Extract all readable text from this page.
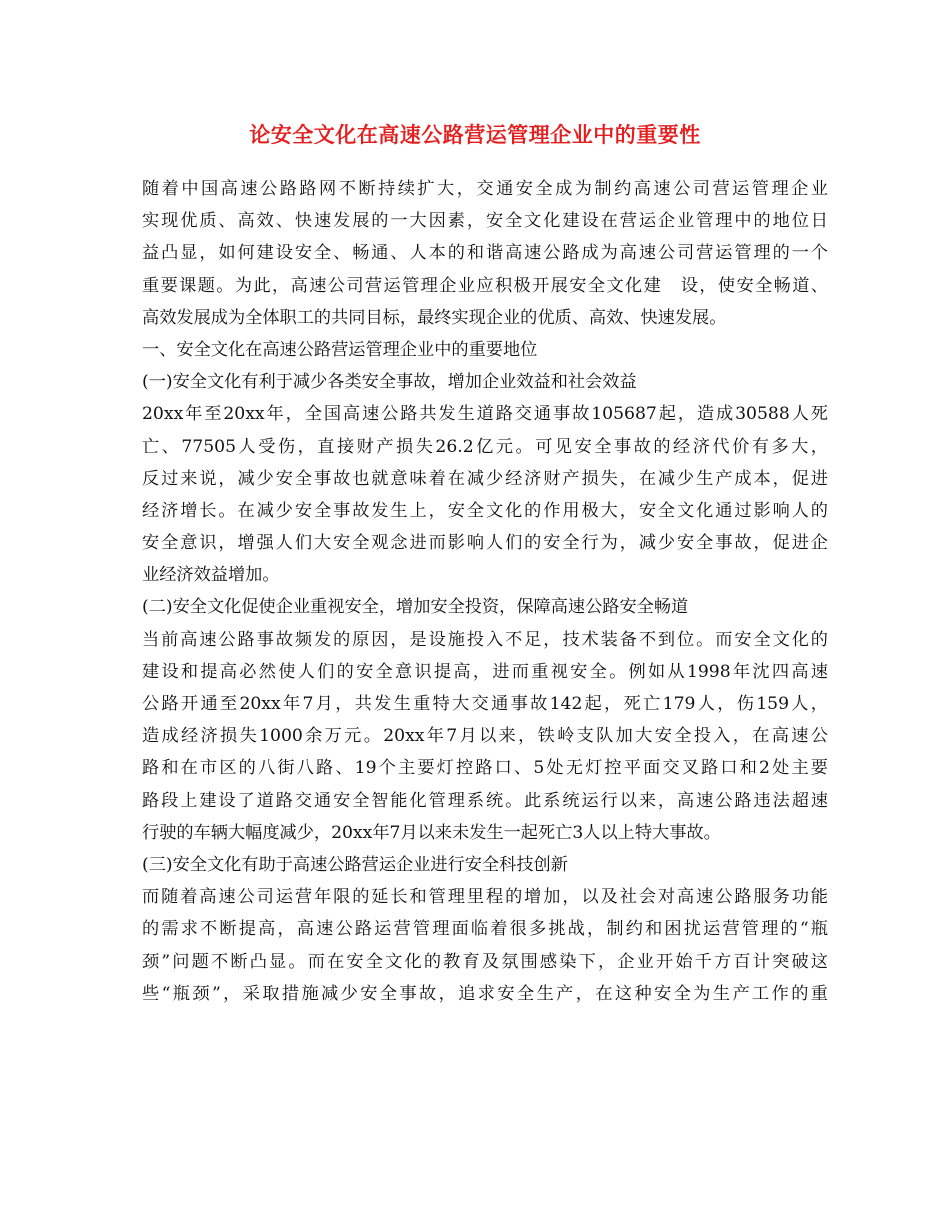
论安全文化在高速公路营运管理企业中的重要性
随着中国高速公路路网不断持续扩大，交通安全成为制约高速公司营运管理企业
实现优质、高效、快速发展的一大因素，安全文化建设在营运企业管理中的地位日
益凸显，如何建设安全、畅通、人本的和谐高速公路成为高速公司营运管理的一个
重要课题。为此，高速公司营运管理企业应积极开展安全文化建　设，使安全畅道、
高效发展成为全体职工的共同目标，最终实现企业的优质、高效、快速发展。
一、安全文化在高速公路营运管理企业中的重要地位
(一)安全文化有利于减少各类安全事故，增加企业效益和社会效益
20xx年至20xx年，全国高速公路共发生道路交通事故105687起，造成30588人死
亡、77505人受伤，直接财产损失26.2亿元。可见安全事故的经济代价有多大，
反过来说，减少安全事故也就意味着在减少经济财产损失，在减少生产成本，促进
经济增长。在减少安全事故发生上，安全文化的作用极大，安全文化通过影响人的
安全意识，增强人们大安全观念进而影响人们的安全行为，减少安全事故，促进企
业经济效益增加。
(二)安全文化促使企业重视安全，增加安全投资，保障高速公路安全畅道
当前高速公路事故频发的原因，是设施投入不足，技术装备不到位。而安全文化的
建设和提高必然使人们的安全意识提高，进而重视安全。例如从1998年沈四高速
公路开通至20xx年7月，共发生重特大交通事故142起，死亡179人，伤159人，
造成经济损失1000余万元。20xx年7月以来，铁岭支队加大安全投入，在高速公
路和在市区的八街八路、19个主要灯控路口、5处无灯控平面交叉路口和2处主要
路段上建设了道路交通安全智能化管理系统。此系统运行以来，高速公路违法超速
行驶的车辆大幅度减少，20xx年7月以来未发生一起死亡3人以上特大事故。
(三)安全文化有助于高速公路营运企业进行安全科技创新
而随着高速公司运营年限的延长和管理里程的增加，以及社会对高速公路服务功能
的需求不断提高，高速公路运营管理面临着很多挑战，制约和困扰运营管理的“瓶
颈”问题不断凸显。而在安全文化的教育及氛围感染下，企业开始千方百计突破这
些“瓶颈”，采取措施减少安全事故，追求安全生产，在这种安全为生产工作的重
